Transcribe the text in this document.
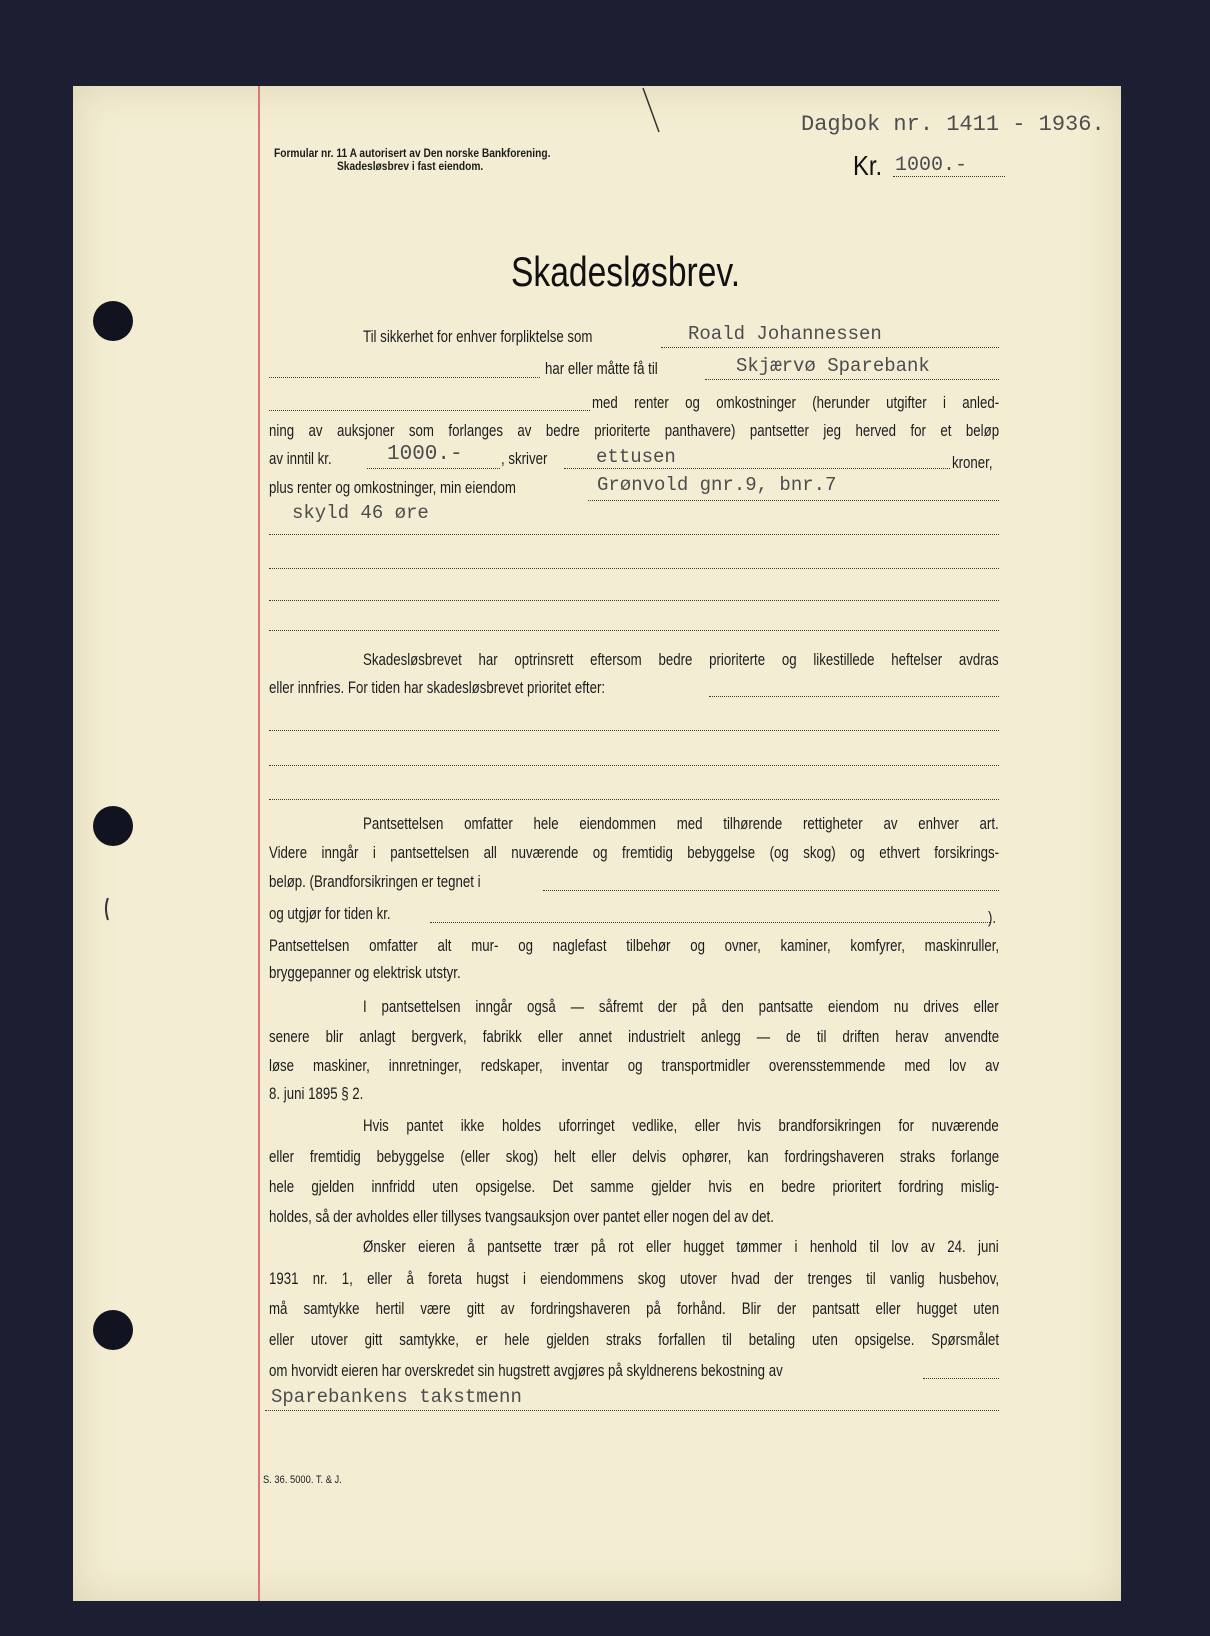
Formular nr. 11 A autorisert av Den norske Bankforening.
Skadesløsbrev i fast eiendom.
Dagbok nr. 1411 - 1936.
Kr. 1000.-
Skadesløsbrev.
Til sikkerhet for enhver forpliktelse som	Roald Johannessen
har eller måtte få til	Skjærvø Sparebank
med renter og omkostninger (herunder utgifter i anled-
ning av auksjoner som forlanges av bedre prioriterte panthavere) pantsetter jeg herved for et beløp
av inntil kr.	1000.- , skriver	ettusen	kroner,
plus renter og omkostninger, min eiendom	Grønvold gnr.9, bnr.7
skyld 46 øre
Skadesløsbrevet har optrinsrett eftersom bedre prioriterte og likestillede heftelser avdras
eller innfries. For tiden har skadesløsbrevet prioritet efter:
Pantsettelsen omfatter hele eiendommen med tilhørende rettigheter av enhver art.
Videre inngår i pantsettelsen all nuværende og fremtidig bebyggelse (og skog) og ethvert forsikrings-
beløp. (Brandforsikringen er tegnet i
og utgjør for tiden kr.	).
Pantsettelsen omfatter alt mur- og naglefast tilbehør og ovner, kaminer, komfyrer, maskinruller,
bryggepanner og elektrisk utstyr.
I pantsettelsen inngår også — såfremt der på den pantsatte eiendom nu drives eller
senere blir anlagt bergverk, fabrikk eller annet industrielt anlegg — de til driften herav anvendte
løse maskiner, innretninger, redskaper, inventar og transportmidler overensstemmende med lov av
8. juni 1895 § 2.
Hvis pantet ikke holdes uforringet vedlike, eller hvis brandforsikringen for nuværende
eller fremtidig bebyggelse (eller skog) helt eller delvis ophører, kan fordringshaveren straks forlange
hele gjelden innfridd uten opsigelse. Det samme gjelder hvis en bedre prioritert fordring mislig-
holdes, så der avholdes eller tillyses tvangsauksjon over pantet eller nogen del av det.
Ønsker eieren å pantsette trær på rot eller hugget tømmer i henhold til lov av 24. juni
1931 nr. 1, eller å foreta hugst i eiendommens skog utover hvad der trenges til vanlig husbehov,
må samtykke hertil være gitt av fordringshaveren på forhånd. Blir der pantsatt eller hugget uten
eller utover gitt samtykke, er hele gjelden straks forfallen til betaling uten opsigelse. Spørsmålet
om hvorvidt eieren har overskredet sin hugstrett avgjøres på skyldnerens bekostning av
Sparebankens takstmenn
S. 36. 5000. T. & J.
